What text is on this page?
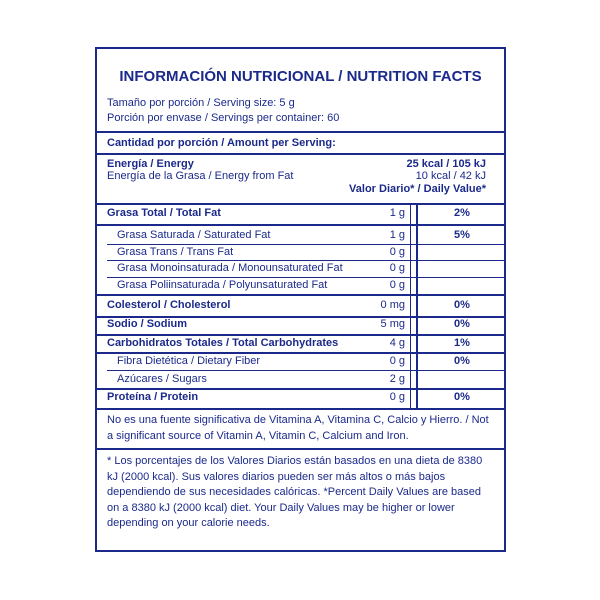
INFORMACIÓN NUTRICIONAL / NUTRITION FACTS
Tamaño por porción / Serving size: 5 g
Porción por envase / Servings per container: 60
Cantidad por porción / Amount per Serving:
Energía / Energy	25 kcal / 105 kJ
Energía de la Grasa / Energy from Fat	10 kcal / 42 kJ
Valor Diario* / Daily Value*
Grasa Total / Total Fat	1 g	2%
Grasa Saturada / Saturated Fat	1 g	5%
Grasa Trans / Trans Fat	0 g
Grasa Monoinsaturada / Monounsaturated Fat	0 g
Grasa Poliinsaturada / Polyunsaturated Fat	0 g
Colesterol / Cholesterol	0 mg	0%
Sodio / Sodium	5 mg	0%
Carbohidratos Totales / Total Carbohydrates	4 g	1%
Fibra Dietética / Dietary Fiber	0 g	0%
Azúcares / Sugars	2 g
Proteína / Protein	0 g	0%
No es una fuente significativa de Vitamina A, Vitamina C, Calcio y Hierro. / Not a significant source of Vitamin A, Vitamin C, Calcium and Iron.
* Los porcentajes de los Valores Diarios están basados en una dieta de 8380 kJ (2000 kcal). Sus valores diarios pueden ser más altos o más bajos dependiendo de sus necesidades calóricas. *Percent Daily Values are based on a 8380 kJ (2000 kcal) diet. Your Daily Values may be higher or lower depending on your calorie needs.
